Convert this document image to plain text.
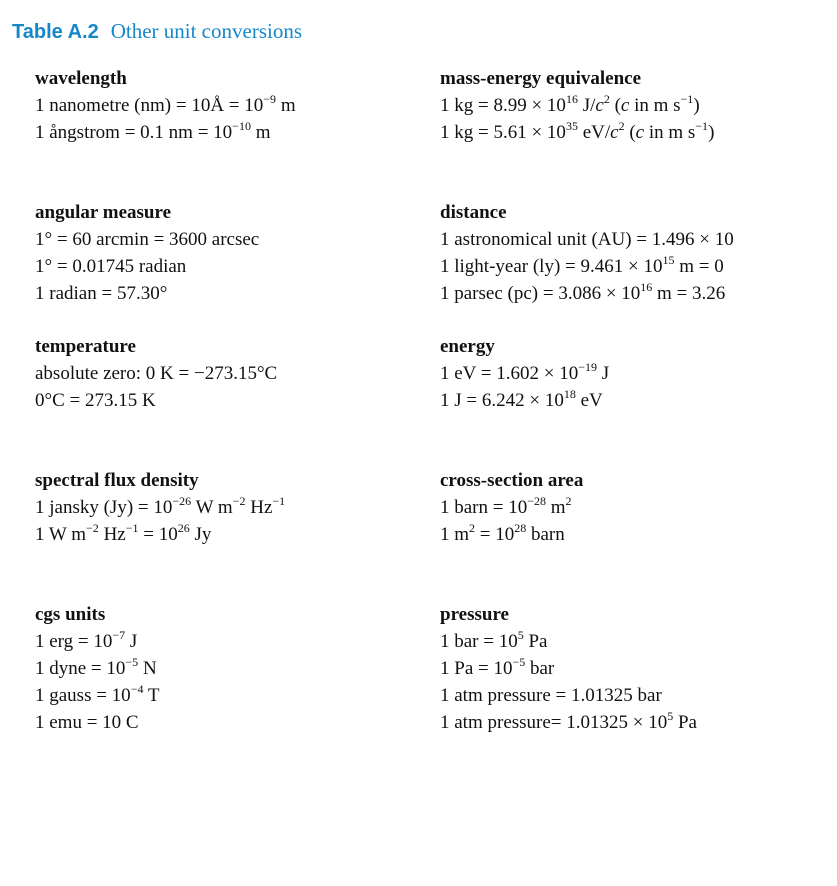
Table A.2 Other unit conversions
wavelength
1 nanometre (nm) = 10Å = $10^{-9}$ m
1 ångstrom = 0.1 nm = $10^{-10}$ m
angular measure
1° = 60 arcmin = 3600 arcsec
1° = 0.01745 radian
1 radian = 57.30°
temperature
absolute zero: 0 K = −273.15°C
0°C = 273.15 K
spectral flux density
1 jansky $(Jy) = 10^{-26}$ W $m^{-2}$ $Hz^{-1}$
1 W $m^{-2}$ $Hz^{-1} = 10^{26}$ Jy
cgs units
1 erg = $10^{-7}$ J
1 dyne = $10^{-5}$ N
1 gauss = $10^{-4}$ T
1 emu = 10 C
mass-energy equivalence
1 kg = $8.99 \times 10^{16}$ $J/c^2$ (c in m $s^{-1}$)
1 kg = $5.61 \times 10^{35}$ $eV/c^2$ (c in m $s^{-1}$)
distance
1 astronomical unit (AU) = 1.496 × 10
1 light-year $(ly) = 9.461 \times 10^{15}$ m = 0
1 parsec $(pc) = 3.086 \times 10^{16}$ m = 3.26
energy
1 eV = $1.602 \times 10^{-19}$ J
1 $J = 6.242 \times 10^{18}$ eV
cross-section area
1 barn = $10^{-28}$ $m^2$
1 $m^2 = 10^{28}$ barn
pressure
1 bar = $10^5$ Pa
1 $Pa = 10^{-5}$ bar
1 atm pressure = 1.01325 bar
1 atm pressure= $1.01325 \times 10^5$ Pa
